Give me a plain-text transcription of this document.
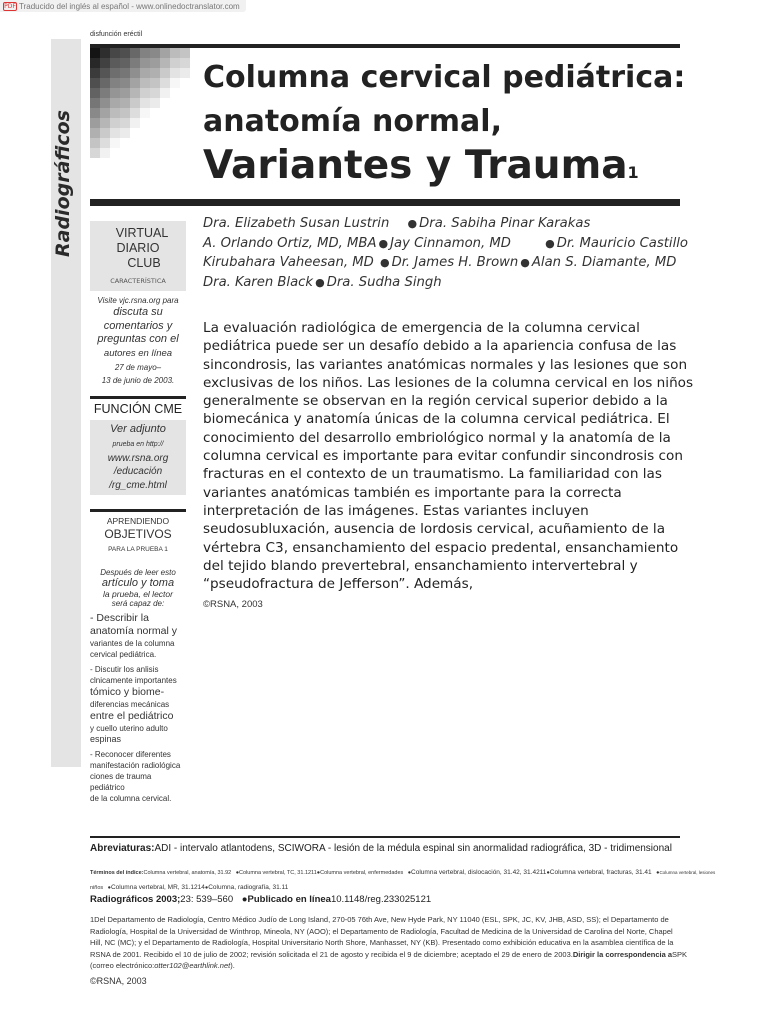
PDF Traducido del inglés al español - www.onlinedoctranslator.com
disfunción eréctil
Columna cervical pediátrica:
anatomía normal,
Variantes y Trauma1
Dra. Elizabeth Susan Lustrin ● Dra. Sabiha Pinar Karakas
A. Orlando Ortiz, MD, MBA ● Jay Cinnamon, MD	● Dr. Mauricio Castillo
Kirubahara Vaheesan, MD ● Dr. James H. Brown ● Alan S. Diamante, MD
Dra. Karen Black ● Dra. Sudha Singh
VIRTUAL
DIARIO
CLUB
CARACTERÍSTICA
Visite vjc.rsna.org para
discuta su
comentarios y
preguntas con el
autores en línea
27 de mayo–
13 de junio de 2003.
FUNCIÓN CME
Ver adjunto
prueba en http://
www.rsna.org
/educación
/rg_cme.html
APRENDIENDO
OBJETIVOS
PARA LA PRUEBA 1
Después de leer esto
artículo y toma
la prueba, el lector
será capaz de:
- Describir la
anatomía normal y
variantes de la columna
cervical pediátrica.
- Discutir los anlisis
clnicamente importantes
tómico y biome-
diferencias mecánicas
entre el pediátrico
y cuello uterino adulto
espinas
- Reconocer diferentes
manifestación radiológica
ciones de trauma pediátrico
de la columna cervical.
La evaluación radiológica de emergencia de la columna cervical
pediátrica puede ser un desafío debido a la apariencia confusa de las
sincondrosis, las variantes anatómicas normales y las lesiones que son
exclusivas de los niños. Las lesiones de la columna cervical en los niños
generalmente se observan en la región cervical superior debido a la
biomecánica y anatomía únicas de la columna cervical pediátrica. El
conocimiento del desarrollo embriológico normal y la anatomía de la
columna cervical es importante para evitar confundir sincondrosis con
fracturas en el contexto de un traumatismo. La familiaridad con las
variantes anatómicas también es importante para la correcta
interpretación de las imágenes. Estas variantes incluyen
seudosubluxación, ausencia de lordosis cervical, acuñamiento de la
vértebra C3, ensanchamiento del espacio predental, ensanchamiento
del tejido blando prevertebral, ensanchamiento intervertebral y
“pseudofractura de Jefferson”. Además,
©RSNA, 2003
Abreviaturas:ADI - intervalo atlantodens, SCIWORA - lesión de la médula espinal sin anormalidad radiográfica, 3D - tridimensional
Términos del índice:Columna vertebral, anatomía, 31.92 ●Columna vertebral, TC, 31.1211●Columna vertebral, enfermedades ●Columna vertebral, dislocación, 31.42, 31.4211●Columna vertebral, fracturas, 31.41 ●Columna vertebral, lesiones
niños ●Columna vertebral, MR, 31.1214●Columna, radiografía, 31.11
Radiográficos 2003;23: 539–560 ●Publicado en línea10.1148/reg.233025121
1Del Departamento de Radiología, Centro Médico Judío de Long Island, 270-05 76th Ave, New Hyde Park, NY 11040 (ESL, SPK, JC, KV, JHB, ASD, SS); el Departamento de
Radiología, Hospital de la Universidad de Winthrop, Mineola, NY (AOO); el Departamento de Radiología, Facultad de Medicina de la Universidad de Carolina del Norte, Chapel
Hill, NC (MC); y el Departamento de Radiología, Hospital Universitario North Shore, Manhasset, NY (KB). Presentado como exhibición educativa en la asamblea científica de la
RSNA de 2001. Recibido el 10 de julio de 2002; revisión solicitada el 21 de agosto y recibida el 9 de diciembre; aceptado el 29 de enero de 2003.Dirigir la correspondencia aSPK
(correo electrónico:otter102@earthlink.net).
©RSNA, 2003
